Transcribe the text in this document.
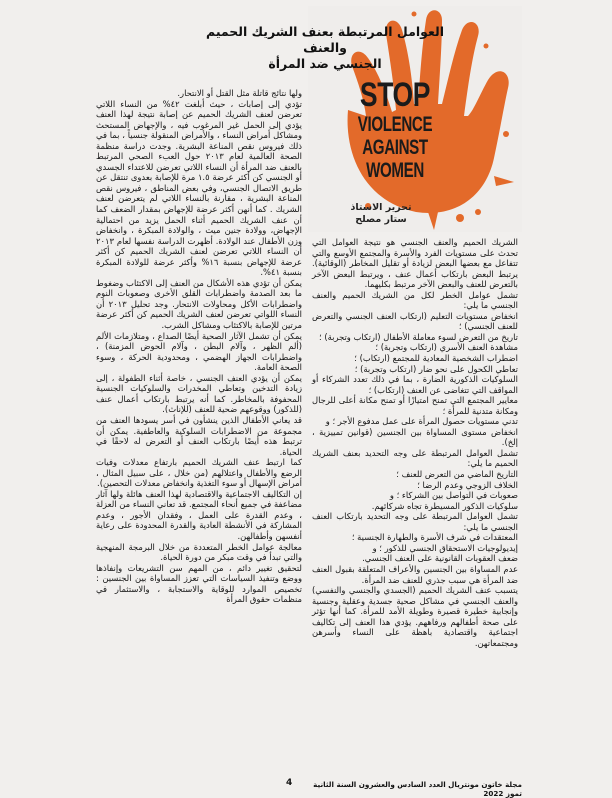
STOP
VIOLENCE
AGAINST
WOMEN
تحرير الاستاذ
ستار مصلح
العوامل المرتبطة بعنف الشريك الحميم والعنف
الجنسي ضد المرأة

ولها نتائج قاتلة مثل القتل أو الانتحار.

تؤدي إلى إصابات ، حيث أبلغت ٤٢% من النساء اللاتي تعرضن لعنف الشريك الحميم عن إصابة نتيجة لهذا العنف يؤدي إلى الحمل غير المرغوب فيه ، والإجهاض المستحث ومشاكل أمراض النساء ، والأمراض المنقولة جنسياً ، بما في ذلك فيروس نقص المناعة البشرية. وجدت دراسة منظمة الصحة العالمية لعام ٢٠١٣ حول العبء الصحي المرتبط بالعنف ضد المرأة أن النساء اللاتي تعرضن للاعتداء الجسدي أو الجنسي كن أكثر عرضة ١.٥ مرة للإصابة بعدوى تنتقل عن طريق الاتصال الجنسي، وفي بعض المناطق ، فيروس نقص المناعة البشرية ، مقارنة بالنساء اللاتي لم يتعرضن لعنف الشريك . كما أنهن أكثر عرضة للإجهاض بمقدار الضعف كما أن عنف الشريك الحميم أثناء الحمل يزيد من احتمالية الإجهاض، وولادة جنين ميت ، والولادة المبكرة ، وانخفاض وزن الأطفال عند الولادة. أظهرت الدراسة نفسها لعام ٢٠١٣ أن النساء اللاتي تعرضن لعنف الشريك الحميم كن أكثر عرضة للإجهاض بنسبة ١٦% وأكثر عرضة للولادة المبكرة بنسبة ٤١%.

يمكن أن تؤدي هذه الأشكال من العنف إلى الاكتئاب وضغوط ما بعد الصدمة واضطرابات القلق الأخرى وصعوبات النوم واضطرابات الأكل ومحاولات الانتحار. وجد تحليل ٢٠١٣ أن النساء اللواتي تعرضن لعنف الشريك الحميم كن أكثر عرضة مرتين للإصابة بالاكتئاب ومشاكل الشرب.

يمكن أن تشمل الآثار الصحية أيضًا الصداع ، ومتلازمات الألم (ألم الظهر ، وآلام البطن ، وآلام الحوض المزمنة) ، واضطرابات الجهاز الهضمي ، ومحدودية الحركة ، وسوء الصحة العامة.

يمكن أن يؤدي العنف الجنسي ، خاصة أثناء الطفولة ، إلى زيادة التدخين وتعاطي المخدرات والسلوكيات الجنسية المحفوفة بالمخاطر. كما أنه يرتبط بارتكاب أعمال عنف (للذكور) ووقوعهم ضحية للعنف (للإناث).

قد يعاني الأطفال الذين ينشأون في أسر يسودها العنف من مجموعة من الاضطرابات السلوكية والعاطفية. يمكن أن ترتبط هذه أيضًا بارتكاب العنف أو التعرض له لاحقًا في الحياة.

كما ارتبط عنف الشريك الحميم بارتفاع معدلات وفيات الرضع والأطفال واعتلالهم (من خلال ، على سبيل المثال ، أمراض الإسهال أو سوء التغذية وانخفاض معدلات التحصين).

إن التكاليف الاجتماعية والاقتصادية لهذا العنف هائلة ولها آثار مضاعفة في جميع أنحاء المجتمع. قد تعاني النساء من العزلة ، وعدم القدرة على العمل ، وفقدان الأجور ، وعدم المشاركة في الأنشطة العادية والقدرة المحدودة على رعاية أنفسهن وأطفالهن.

معالجة عوامل الخطر المتعددة من خلال البرمجة المنهجية والتي تبدأ في وقت مبكر من دورة الحياة.

لتحقيق تغيير دائم ، من المهم سن التشريعات وإنفاذها ووضع وتنفيذ السياسات التي تعزز المساواة بين الجنسين : تخصيص الموارد للوقاية والاستجابة ، والاستثمار في منظمات حقوق المرأة

الشريك الحميم والعنف الجنسي هو نتيجة العوامل التي تحدث على مستويات الفرد والأسرة والمجتمع الأوسع والتي تتفاعل مع بعضها البعض لزيادة أو تقليل المخاطر (الوقائية). يرتبط البعض بارتكاب أعمال عنف ، ويرتبط البعض الآخر بالتعرض للعنف والبعض الآخر مرتبط بكليهما.

تشمل عوامل الخطر لكل من الشريك الحميم والعنف الجنسي ما يلي:

انخفاض مستويات التعليم (ارتكاب العنف الجنسي والتعرض للعنف الجنسي) ؛

تاريخ من التعرض لسوء معاملة الأطفال (ارتكاب وتجربة) ؛

مشاهدة العنف الأسري (ارتكاب وتجربة) ؛

اضطراب الشخصية المعادية للمجتمع (ارتكاب) ؛

تعاطي الكحول على نحو ضار (ارتكاب وتجربة) ؛

السلوكيات الذكورية الضارة ، بما في ذلك تعدد الشركاء أو المواقف التي تتغاضى عن العنف (ارتكاب) ؛

معايير المجتمع التي تمنح امتيازًا أو تمنح مكانة أعلى للرجال ومكانة متدنية للمرأة ؛

تدني مستويات حصول المرأة على عمل مدفوع الأجر ؛ و

انخفاض مستوى المساواة بين الجنسين (قوانين تمييزية ، إلخ).

تشمل العوامل المرتبطة على وجه التحديد بعنف الشريك الحميم ما يلي:

التاريخ الماضي من التعرض للعنف ؛

الخلاف الزوجي وعدم الرضا ؛

صعوبات في التواصل بين الشركاء ؛ و

سلوكيات الذكور المسيطرة تجاه شركائهم.

تشمل العوامل المرتبطة على وجه التحديد بارتكاب العنف الجنسي ما يلي:

المعتقدات في شرف الأسرة والطهارة الجنسية ؛

إيديولوجيات الاستحقاق الجنسي للذكور ؛ و

ضعف العقوبات القانونية على العنف الجنسي.

عدم المساواة بين الجنسين والأعراف المتعلقة بقبول العنف ضد المرأة هي سبب جذري للعنف ضد المرأة.

يتسبب عنف الشريك الحميم (الجسدي والجنسي والنفسي) والعنف الجنسي في مشاكل صحية جسدية وعقلية وجنسية وإنجابية خطيرة قصيرة وطويلة الأمد للمرأة. كما أنها تؤثر على صحة أطفالهم ورفاههم. يؤدي هذا العنف إلى تكاليف اجتماعية واقتصادية باهظة على النساء وأسرهن ومجتمعاتهن.

4	مجلة خاتون مونتريال العدد السادس والعشرون السنة الثانية تموز 2022
